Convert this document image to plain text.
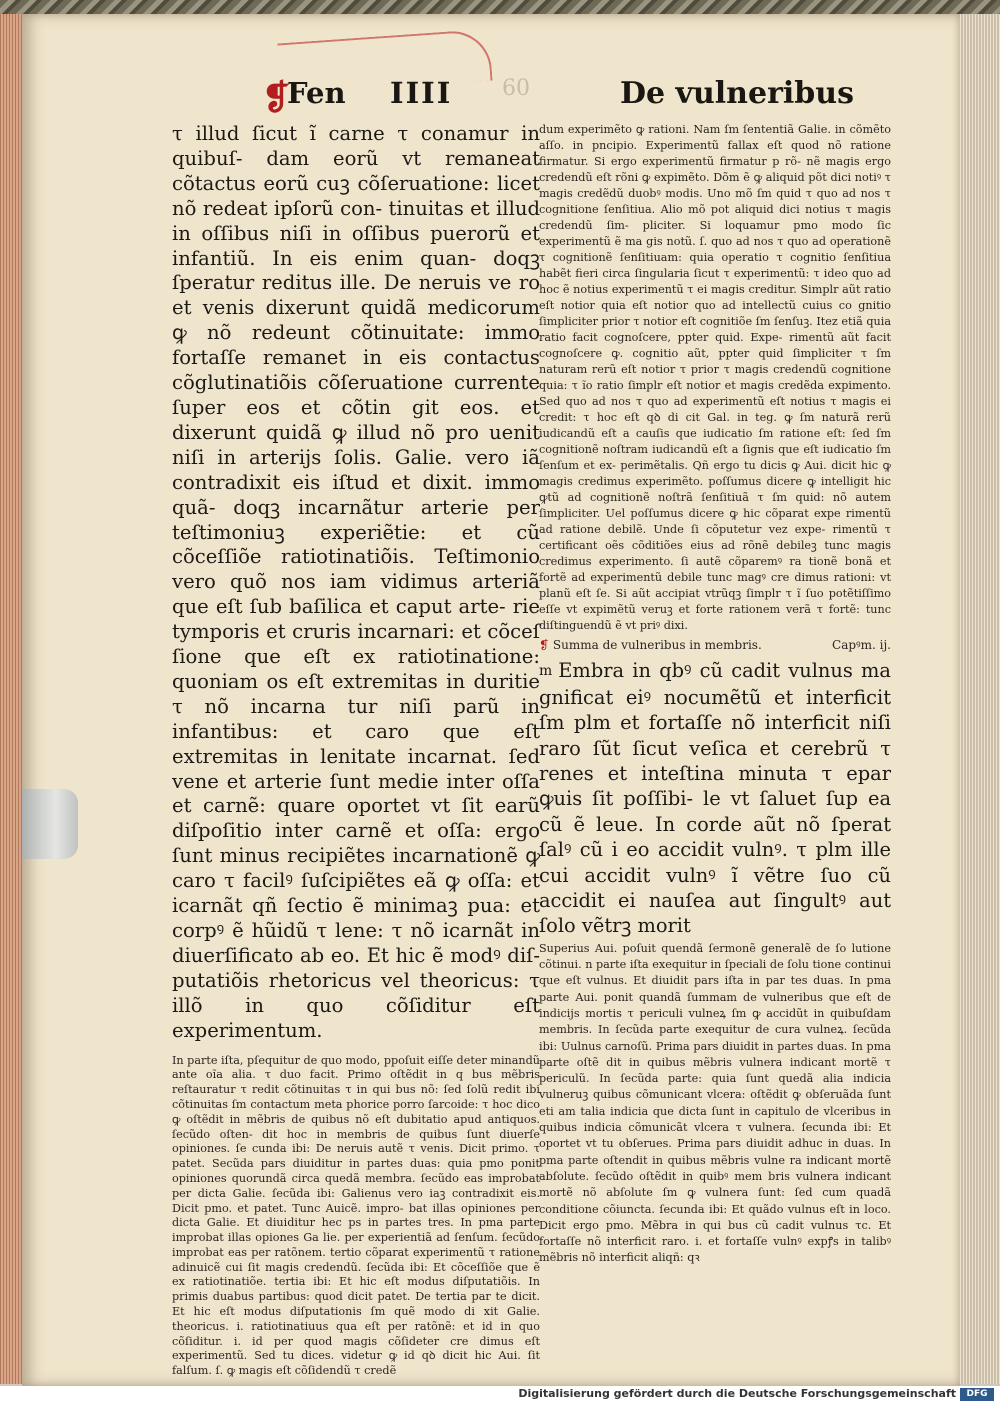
❡
Fen IIII 60	De vulneribus

τ illud ſicut ĩ carne τ conamur in quibuſ- dam eorũ vt remaneat cõtactus eorũ cuꝫ cõſeruatione: licet nõ redeat ipſorũ con- tinuitas et illud in oſſibus niſi in oſſibus puerorũ et infantiũ. In eis enim quan- doqꝫ ſperatur reditus ille. De neruis ve ro et venis dixerunt quidã medicorum ꝙ nõ redeunt cõtinuitate: immo fortaſſe remanet in eis contactus cõglutinatiõis cõſeruatione currente ſuper eos et cõtin git eos. et dixerunt quidã ꝙ illud nõ pro uenit niſi in arterijs ſolis. Galie. vero iã contradixit eis iſtud et dixit. immo quã- doqꝫ incarnãtur arterie per teſtimoniuꝫ experiẽtie: et cũ cõceſſiõe ratiotinatiõis. Teſtimonio vero quõ nos iam vidimus arteriã que eſt ſub baſilica et caput arte- rie tymporis et cruris incarnari: et cõceſ ſione que eſt ex ratiotinatione: quoniam os eſt extremitas in duritie τ nõ incarna tur niſi parũ in infantibus: et caro que eſt extremitas in lenitate incarnat. ſed vene et arterie ſunt medie inter oſſa et carnẽ: quare oportet vt ſit earũ diſpoſitio inter carnẽ et oſſa: ergo ſunt minus recipiẽtes incarnationẽ ꝙ caro τ facilꝰ ſuſcipiẽtes eã ꝙ oſſa: et icarnãt qñ ſectio ẽ minimaꝫ pua: et corpꝰ ẽ hũidũ τ lene: τ nõ icarnãt in diuerſificato ab eo. Et hic ẽ modꝰ diſ- putatiõis rhetoricus vel theoricus: τ illõ in quo cõſiditur eſt experimentum.

In parte iſta, pſequitur de quo modo, ppoſuit eiſſe deter minandũ ante oĩa alia. τ duo facit. Primo oſtẽdit in q bus mẽbris reſtauratur τ redit cõtinuitas τ in qui bus nõ: ſed ſolũ redit ibi cõtinuitas ſm contactum meta phorice porro ſarcoide: τ hoc dico ꝙ oſtẽdit in mẽbris de quibus nõ eſt dubitatio apud antiquos. ſecũdo oſten- dit hoc in membris de quibus ſunt diuerſe opiniones. ſe cunda ibi: De neruis autẽ τ venis. Dicit primo. τ patet. Secũda pars diuiditur in partes duas: quia pmo ponit opiniones quorundã circa quedã membra. ſecũdo eas improbat per dicta Galie. ſecũda ibi: Galienus vero iaꝫ contradixit eis. Dicit pmo. et patet. Tunc Auicẽ. impro- bat illas opiniones per dicta Galie. Et diuiditur hec ps in partes tres. In pma parte improbat illas opiones Ga lie. per experientiã ad ſenſum. ſecũdo improbat eas per ratõnem. tertio cõparat experimentũ τ ratione adinuicẽ cui ſit magis credendũ. ſecũda ibi: Et cõceſſiõe que ẽ ex ratiotinatiõe. tertia ibi: Et hic eſt modus diſputatiõis. In primis duabus partibus: quod dicit patet. De tertia par te dicit. Et hic eſt modus diſputationis ſm quẽ modo di xit Galie. theoricus. i. ratiotinatiuus qua eſt per ratõnẽ: et id in quo cõſiditur. i. id per quod magis cõſideter cre dimus eſt experimentũ. Sed tu dices. videtur ꝙ id qꝺ dicit hic Aui. ſit falſum. ſ. ꝙ magis eſt cõſidendũ τ credẽ

dum experimẽto ꝙ rationi. Nam ſm ſententiã Galie. in cõmẽto aſſo. in pncipio. Experimentũ fallax eſt quod nõ ratione firmatur. Si ergo experimentũ firmatur p rõ- nẽ magis ergo credendũ eſt rõni ꝙ expimẽto. Dõm ẽ ꝙ aliquid põt dici notiꝰ τ magis credẽdũ duobꝰ modis. Uno mõ ſm quid τ quo ad nos τ cognitione ſenſitiua. Alio mõ pot aliquid dici notius τ magis credendũ ſim- pliciter. Si loquamur pmo modo ſic experimentũ ẽ ma gis notũ. ſ. quo ad nos τ quo ad operationẽ τ cognitionẽ ſenſitiuam: quia operatio τ cognitio ſenſitiua habẽt fieri circa ſingularia ſicut τ experimentũ: τ ideo quo ad hoc ẽ notius experimentũ τ ei magis creditur. Simplr aũt ratio eſt notior quia eſt notior quo ad intellectũ cuius co gnitio ſimpliciter prior τ notior eſt cognitiõe ſm ſenſuꝫ. Itez etiã quia ratio facit cognoſcere, ppter quid. Expe- rimentũ aũt facit cognoſcere ꝙ. cognitio aũt, ppter quid ſimpliciter τ ſm naturam rerũ eſt notior τ prior τ magis credendũ cognitione quia: τ ĩo ratio ſimplr eſt notior et magis credẽda expimento. Sed quo ad nos τ quo ad experimentũ eſt notius τ magis ei credit: τ hoc eſt qꝺ di cit Gal. in teg. ꝙ ſm naturã rerũ iudicandũ eſt a cauſis que iudicatio ſm ratione eſt: ſed ſm cognitionẽ noſtram iudicandũ eſt a ſignis que eſt iudicatio ſm ſenſum et ex- perimẽtalis. Qñ ergo tu dicis ꝙ Aui. dicit hic ꝙ magis credimus experimẽto. poſſumus dicere ꝙ intelligit hic ꝙtũ ad cognitionẽ noſtrã ſenſitiuã τ ſm quid: nõ autem ſimpliciter. Uel poſſumus dicere ꝙ hic cõparat expe rimentũ ad ratione debilẽ. Unde ſi cõputetur vez expe- rimentũ τ certificant oẽs cõditiões eius ad rõnẽ debileꝫ tunc magis credimus experimento. ſi autẽ cõparemꝰ ra tionẽ bonã et fortẽ ad experimentũ debile tunc magꝰ cre dimus rationi: vt planũ eſt ſe. Si aũt accipiat vtrũqꝫ ſimplr τ ĩ ſuo potẽtiſſimo eſſe vt expimẽtũ veruꝫ et forte rationem verã τ fortẽ: tunc diſtinguendũ ẽ vt priꝰ dixi.

❡ Summa de vulneribus in membris.	Capꝰm. ij.

m Embra in qbꝰ cũ cadit vulnus ma gnificat eiꝰ nocumẽtũ et interficit ſm plm et fortaſſe nõ interficit niſi raro ſũt ſicut veſica et cerebrũ τ renes et inteſtina minuta τ epar ꝙuis ſit poſſibi- le vt ſaluet ſup ea cũ ẽ leue. In corde aũt nõ ſperat ſalꝰ cũ i eo accidit vulnꝰ. τ plm ille cui accidit vulnꝰ ĩ vẽtre ſuo cũ accidit ei nauſea aut ſingultꝰ aut ſolo vẽtrꝫ morit

Superius Aui. poſuit quendã ſermonẽ generalẽ de ſo lutione cõtinui. n parte iſta exequitur in ſpeciali de ſolu tione continui que eſt vulnus. Et diuidit pars iſta in par tes duas. In pma parte Aui. ponit quandã ſummam de vulneribus que eſt de indicijs mortis τ periculi vulneꝝ ſm ꝙ accidũt in quibuſdam membris. In ſecũda parte exequitur de cura vulneꝝ. ſecũda ibi: Uulnus carnoſũ. Prima pars diuidit in partes duas. In pma parte oſtẽ dit in quibus mẽbris vulnera indicant mortẽ τ periculũ. In ſecũda parte: quia ſunt quedã alia indicia vulneruꝫ quibus cõmunicant vlcera: oſtẽdit ꝙ obſeruãda ſunt eti am talia indicia que dicta ſunt in capitulo de vlceribus in quibus indicia cõmunicãt vlcera τ vulnera. ſecunda ibi: Et oportet vt tu obſerues. Prima pars diuidit adhuc in duas. In pma parte oſtendit in quibus mẽbris vulne ra indicant mortẽ abſolute. ſecũdo oſtẽdit in quibꝰ mem bris vulnera indicant mortẽ nõ abſolute ſm ꝙ vulnera ſunt: ſed cum quadã conditione cõiuncta. ſecunda ibi: Et quãdo vulnus eſt in loco. Dicit ergo pmo. Mẽbra in qui bus cũ cadit vulnus τc. Et fortaſſe nõ interficit raro. i. et fortaſſe vulnꝰ expꝭs in talibꝰ mẽbris nõ interficit aliqñ: qꝛ

Digitalisierung gefördert durch die Deutsche Forschungsgemeinschaft	DFG
